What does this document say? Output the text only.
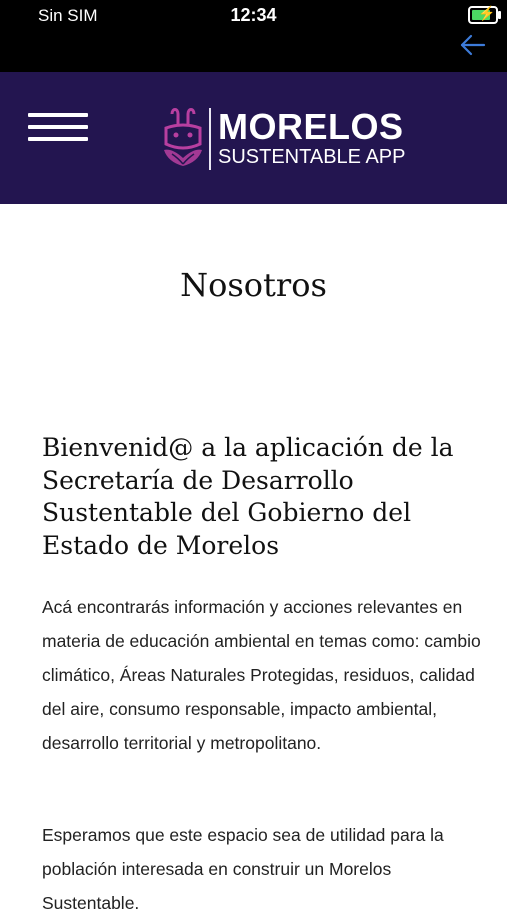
Sin SIM	12:34	⚡
MORELOS
SUSTENTABLE APP
Nosotros
Bienvenid@ a la aplicación de la Secretaría de Desarrollo Sustentable del Gobierno del Estado de Morelos

Acá encontrarás información y acciones relevantes en materia de educación ambiental en temas como: cambio climático, Áreas Naturales Protegidas, residuos, calidad del aire, consumo responsable, impacto ambiental, desarrollo territorial y metropolitano.

Esperamos que este espacio sea de utilidad para la población interesada en construir un Morelos Sustentable.
